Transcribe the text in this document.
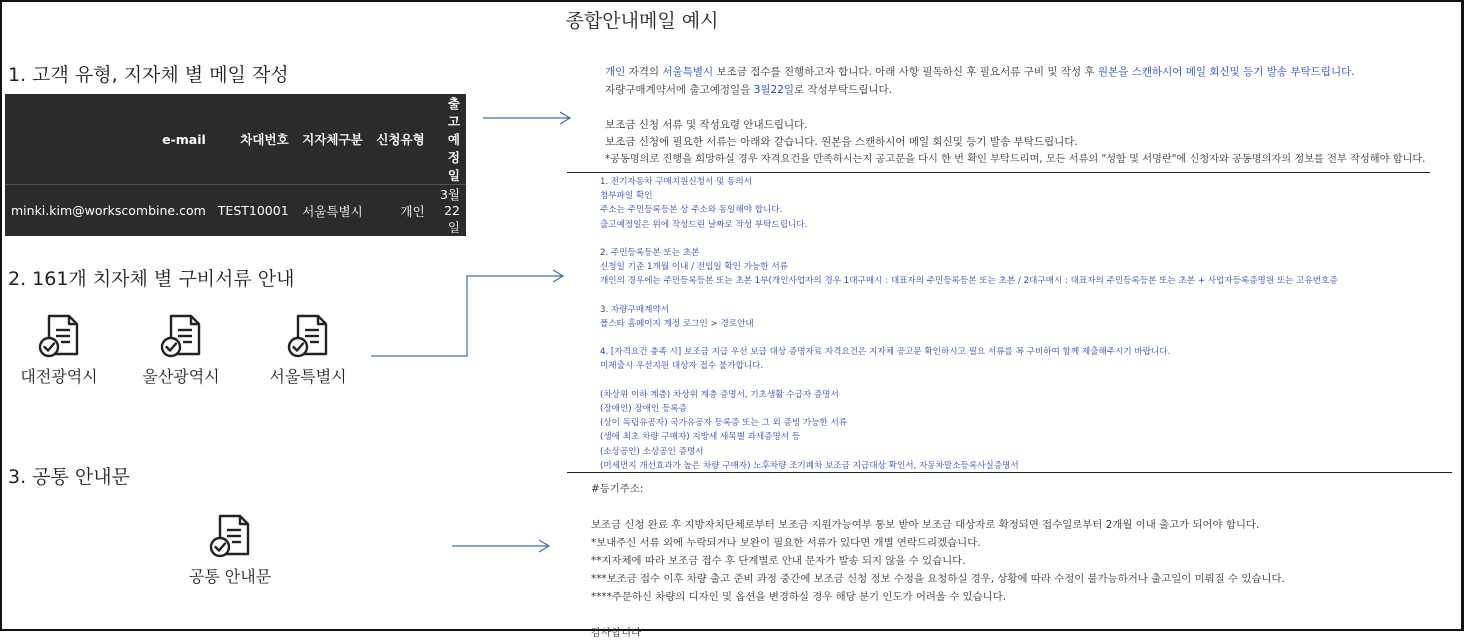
종합안내메일 예시
1. 고객 유형, 지자체 별 메일 작성
e-mail	차대번호	지자체구분	신청유형	출고예정일
minki.kim@workscombine.com	TEST10001	서울특별시	개인	3월22일
2. 161개 치자체 별 구비서류 안내
대전광역시	울산광역시	서울특별시
3. 공통 안내문
공통 안내문
개인 자격의 서울특별시 보조금 접수를 진행하고자 합니다. 아래 사항 필독하신 후 필요서류 구비 및 작성 후 원본을 스캔하시어 메일 회신및 등기 발송 부탁드립니다.
자량구매계약서에 출고예정일을 3월22일로 작성부탁드립니다.
보조금 신청 서류 및 작성요령 안내드립니다.
보조금 신청에 필요한 서류는 아래와 같습니다. 원본을 스캔하시어 메일 회신및 등기 발송 부탁드립니다.
*공동명의로 진행을 희망하실 경우 자격요건을 만족하시는지 공고문을 다시 한 번 확인 부탁드리며, 모든 서류의 "성함 및 서명란"에 신청자와 공동명의자의 정보를 전부 작성해야 합니다.
1. 전기자동차 구매지원신청서 및 동의서
첨부파일 확인
주소는 주민등록등본 상 주소와 동일해야 합니다.
출고예정일은 위에 작성드린 날짜로 작성 부탁드립니다.
2. 주민등록등본 또는 초본
신청일 기준 1개월 이내 / 전입일 확인 가능한 서류
개인의 경우에는 주민등록등본 또는 초본 1부(개인사업자의 경우 1대구매시 : 대표자의 주민등록등본 또는 초본 / 2대구매시 : 대표자의 주민등록등본 또는 초본 + 사업자등록증명원 또는 고유번호증
3. 자량구매계약서
폴스타 홈페이지 계정 로그인 > 경로안내
4. [자격요건 충족 시] 보조금 지급 우선 보급 대상 증명자료 자격요건은 지자체 공고문 확인하시고 필요 서류를 꼭 구비하여 함께 제출해주시기 바랍니다.
미제출시 우선지원 대상자 접수 불가합니다.
(차상위 이하 계층) 차상위 계층 증명서, 기초생활 수급자 증명서
(장애인) 장애인 등록증
(상이 독립유공자) 국가유공자 등록증 또는 그 외 증빙 가능한 서류
(생애 최초 차량 구매자) 지방세 세목별 과세증명서 등
(소상공인) 소상공인 증명서
(미세먼지 개선효과가 높은 차량 구매자) 노후차량 조기폐차 보조금 지급대상 확인서, 자동차말소등록사실증명서
#등기주소:
보조금 신청 완료 후 지방자치단체로부터 보조금 지원가능여부 통보 받아 보조금 대상자로 확정되면 접수일로부터 2개월 이내 출고가 되어야 합니다.
*보내주신 서류 외에 누락되거나 보완이 필요한 서류가 있다면 개별 연락드리겠습니다.
**지자체에 따라 보조금 접수 후 단계별로 안내 문자가 발송 되지 않을 수 있습니다.
***보조금 접수 이후 차량 출고 준비 과정 중간에 보조금 신청 정보 수정을 요청하실 경우, 상황에 따라 수정이 불가능하거나 출고일이 미뤄질 수 있습니다.
****주문하신 차량의 디자인 및 옵션을 변경하실 경우 해당 분기 인도가 어려울 수 있습니다.
감사합니다
